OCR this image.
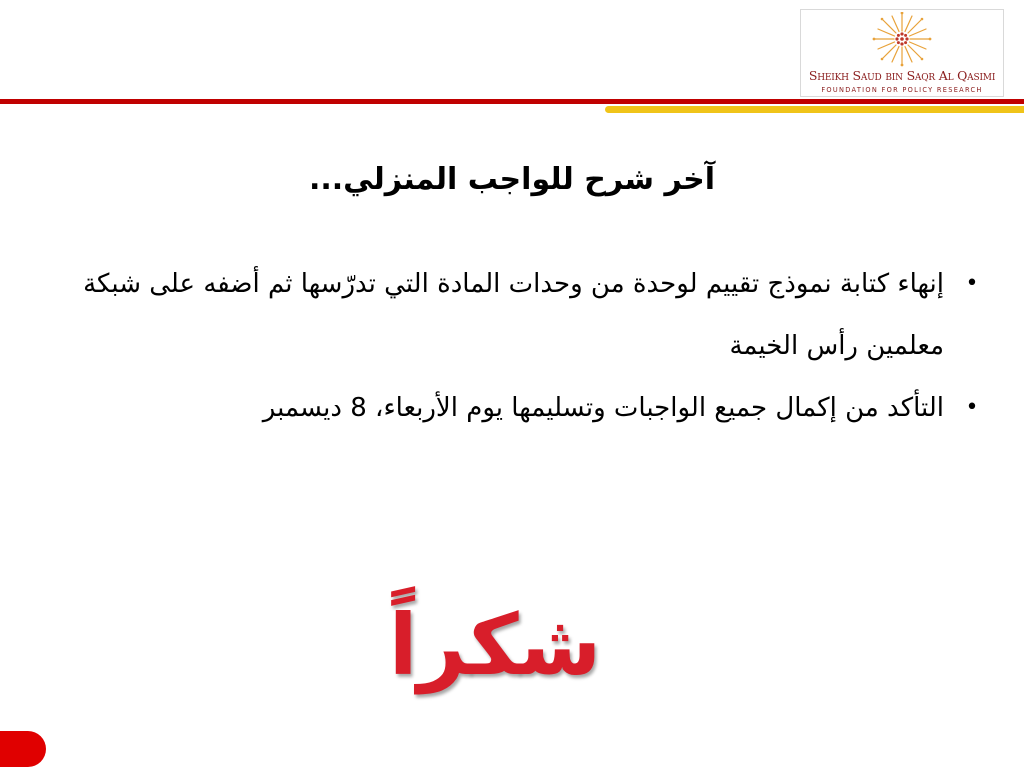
Sheikh Saud bin Saqr Al Qasimi
FOUNDATION FOR POLICY RESEARCH
آخر شرح للواجب المنزلي...
•
إنهاء كتابة نموذج تقييم لوحدة من وحدات المادة التي تدرّسها ثم أضفه على شبكة معلمين رأس الخيمة
•
التأكد من إكمال جميع الواجبات وتسليمها يوم الأربعاء، 8 ديسمبر
شكراً
